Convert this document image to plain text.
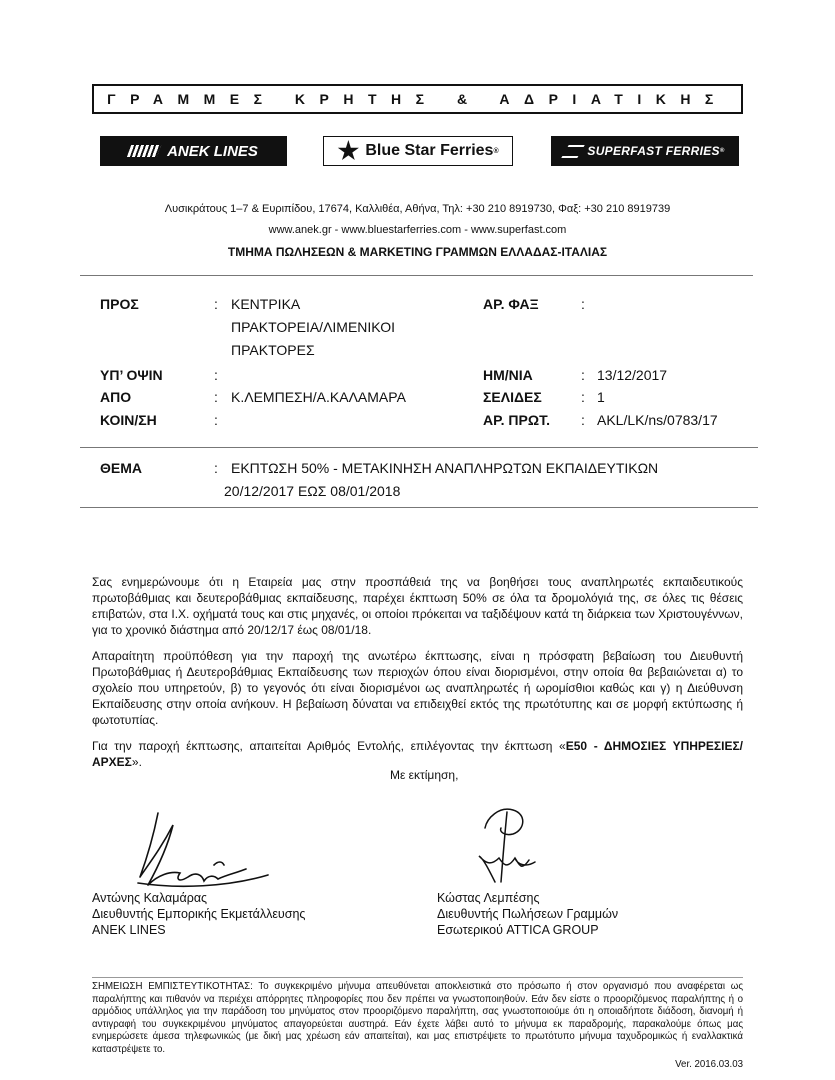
ΓΡΑΜΜΕΣ ΚΡΗΤΗΣ & ΑΔΡΙΑΤΙΚΗΣ
ANEK LINES	Blue Star Ferries ®	SUPERFAST FERRIES ®
Λυσικράτους 1–7 & Ευριπίδου, 17674, Καλλιθέα, Αθήνα, Τηλ: +30 210 8919730, Φαξ: +30 210 8919739
www.anek.gr - www.bluestarferries.com - www.superfast.com
ΤΜΗΜΑ ΠΩΛΗΣΕΩΝ & MARKETING ΓΡΑΜΜΩΝ ΕΛΛΑΔΑΣ-ΙΤΑΛΙΑΣ
ΠΡΟΣ	: ΚΕΝΤΡΙΚΑ
ΠΡΑΚΤΟΡΕΙΑ/ΛΙΜΕΝΙΚΟΙ
ΠΡΑΚΤΟΡΕΣ
ΑΡ. ΦΑΞ	:
ΥΠ’ ΟΨΙΝ	:	ΗΜ/ΝΙΑ	: 13/12/2017
ΑΠΟ	: Κ.ΛΕΜΠΕΣΗ/Α.ΚΑΛΑΜΑΡΑ	ΣΕΛΙΔΕΣ	: 1
ΚΟΙΝ/ΣΗ	:	ΑΡ. ΠΡΩΤ. : AKL/LK/ns/0783/17
ΘΕΜΑ	: ΕΚΠΤΩΣΗ 50% - ΜΕΤΑΚΙΝΗΣΗ ΑΝΑΠΛΗΡΩΤΩΝ ΕΚΠΑΙΔΕΥΤΙΚΩΝ
20/12/2017 ΕΩΣ 08/01/2018
Σας ενημερώνουμε ότι η Εταιρεία μας στην προσπάθειά της να βοηθήσει τους αναπληρωτές εκπαιδευτικούς πρωτοβάθμιας και δευτεροβάθμιας εκπαίδευσης, παρέχει έκπτωση 50% σε όλα τα δρομολόγιά της, σε όλες τις θέσεις επιβατών, στα Ι.Χ. οχήματά τους και στις μηχανές, οι οποίοι πρόκειται να ταξιδέψουν κατά τη διάρκεια των Χριστουγέννων, για το χρονικό διάστημα από 20/12/17 έως 08/01/18.
Απαραίτητη προϋπόθεση για την παροχή της ανωτέρω έκπτωσης, είναι η πρόσφατη βεβαίωση του Διευθυντή Πρωτοβάθμιας ή Δευτεροβάθμιας Εκπαίδευσης των περιοχών όπου είναι διορισμένοι, στην οποία θα βεβαιώνεται α) το σχολείο που υπηρετούν, β) το γεγονός ότι είναι διορισμένοι ως αναπληρωτές ή ωρομίσθιοι καθώς και γ) η Διεύθυνση Εκπαίδευσης στην οποία ανήκουν. Η βεβαίωση δύναται να επιδειχθεί εκτός της πρωτότυπης και σε μορφή εκτύπωσης ή φωτοτυπίας.
Για την παροχή έκπτωσης, απαιτείται Αριθμός Εντολής, επιλέγοντας την έκπτωση «Ε50 - ΔΗΜΟΣΙΕΣ ΥΠΗΡΕΣΙΕΣ/ΑΡΧΕΣ».
Με εκτίμηση,
Αντώνης Καλαμάρας
Διευθυντής Εμπορικής Εκμετάλλευσης
ANEK LINES
Κώστας Λεμπέσης
Διευθυντής Πωλήσεων Γραμμών
Εσωτερικού ATTICA GROUP
ΣΗΜΕΙΩΣΗ ΕΜΠΙΣΤΕΥΤΙΚΟΤΗΤΑΣ: Το συγκεκριμένο μήνυμα απευθύνεται αποκλειστικά στο πρόσωπο ή στον οργανισμό που αναφέρεται ως παραλήπτης και πιθανόν να περιέχει απόρρητες πληροφορίες που δεν πρέπει να γνωστοποιηθούν. Εάν δεν είστε ο προοριζόμενος παραλήπτης ή ο αρμόδιος υπάλληλος για την παράδοση του μηνύματος στον προοριζόμενο παραλήπτη, σας γνωστοποιούμε ότι η οποιαδήποτε διάδοση, διανομή ή αντιγραφή του συγκεκριμένου μηνύματος απαγορεύεται αυστηρά. Εάν έχετε λάβει αυτό το μήνυμα εκ παραδρομής, παρακαλούμε όπως μας ενημερώσετε άμεσα τηλεφωνικώς (με δική μας χρέωση εάν απαιτείται), και μας επιστρέψετε το πρωτότυπο μήνυμα ταχυδρομικώς ή εναλλακτικά καταστρέψετε το.
Ver. 2016.03.03
